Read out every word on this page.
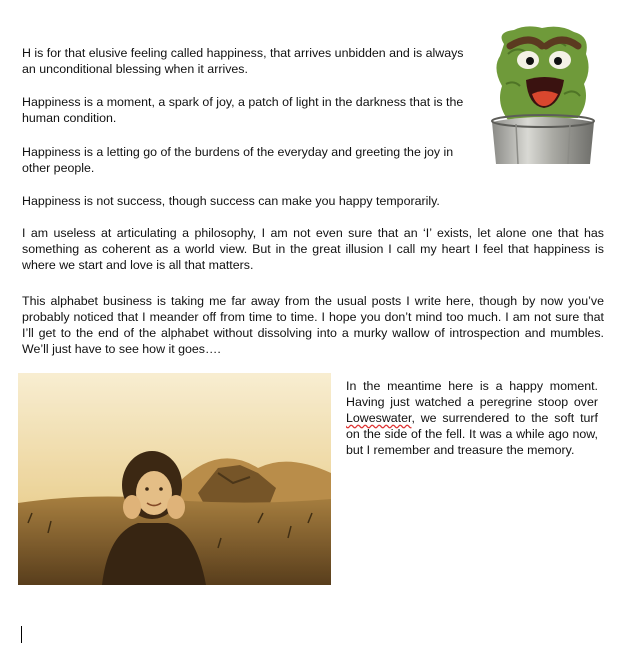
H is for that elusive feeling called happiness, that arrives unbidden and is always an unconditional blessing when it arrives.

Happiness is a moment, a spark of joy, a patch of light in the darkness that is the human condition.

Happiness is a letting go of the burdens of the everyday and greeting the joy in other people.

Happiness is not success, though success can make you happy temporarily.

I am useless at articulating a philosophy, I am not even sure that an ‘I’ exists, let alone one that has something as coherent as a world view. But in the great illusion I call my heart I feel that happiness is where we start and love is all that matters.

This alphabet business is taking me far away from the usual posts I write here, though by now you’ve probably noticed that I meander off from time to time. I hope you don’t mind too much. I am not sure that I’ll get to the end of the alphabet without dissolving into a murky wallow of introspection and mumbles. We’ll just have to see how it goes….

In the meantime here is a happy moment. Having just watched a peregrine stoop over Loweswater, we surrendered to the soft turf on the side of the fell. It was a while ago now, but I remember and treasure the memory.
